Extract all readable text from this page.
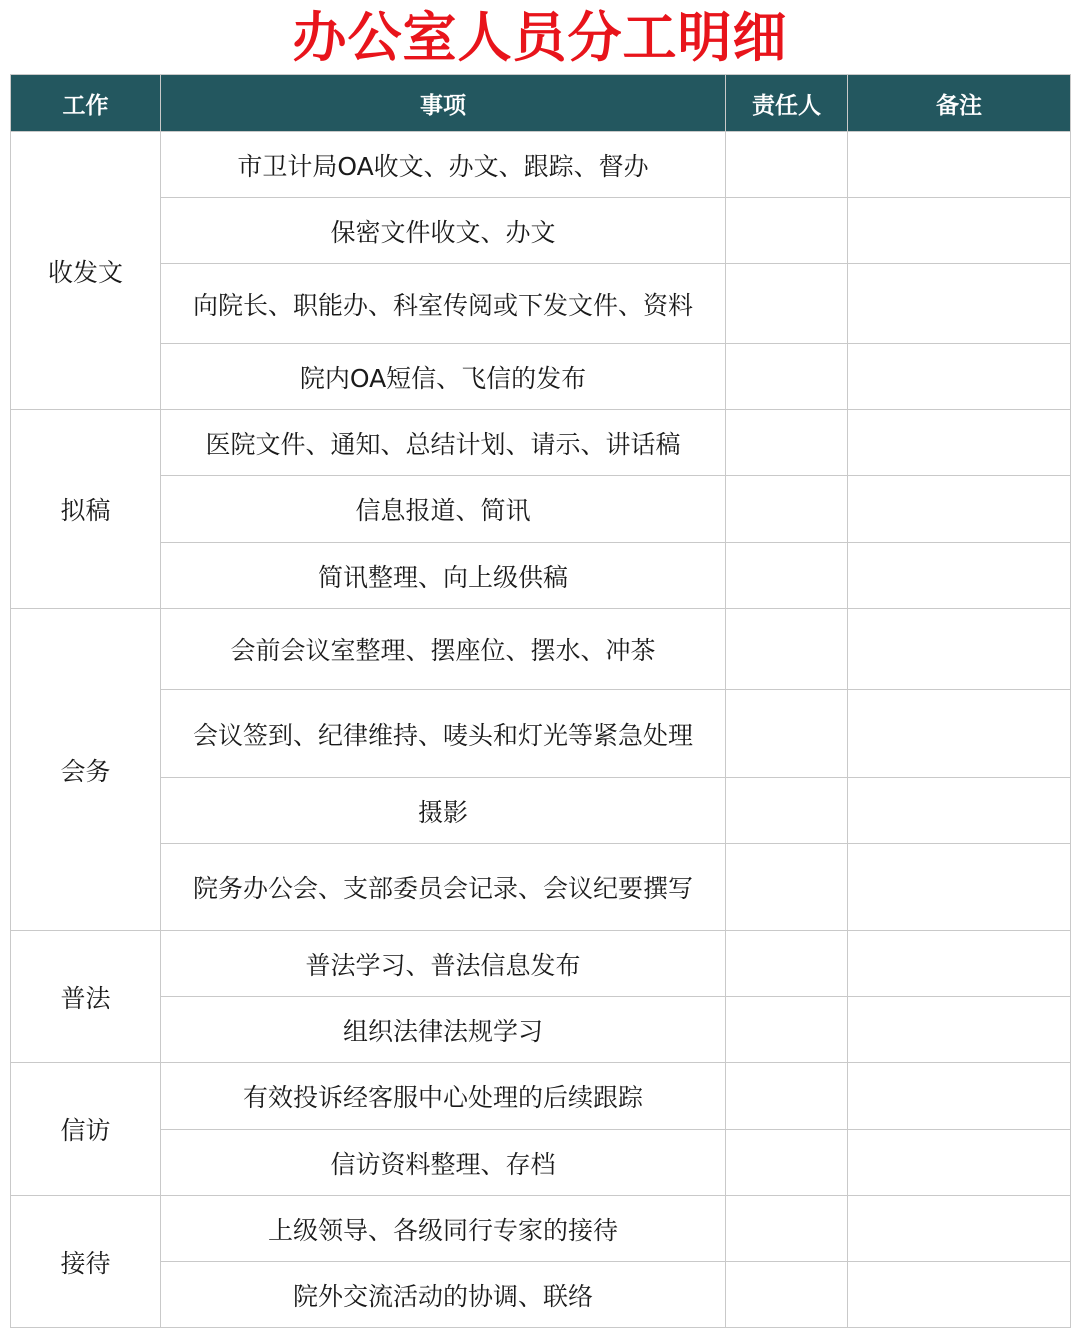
办公室人员分工明细
工作	事项	责任人	备注
收发文	市卫计局OA收文、办文、跟踪、督办		
	保密文件收文、办文		
	向院长、职能办、科室传阅或下发文件、资料		
	院内OA短信、飞信的发布		
拟稿	医院文件、通知、总结计划、请示、讲话稿		
	信息报道、简讯		
	简讯整理、向上级供稿		
会务	会前会议室整理、摆座位、摆水、冲茶		
	会议签到、纪律维持、唛头和灯光等紧急处理		
	摄影		
	院务办公会、支部委员会记录、会议纪要撰写		
普法	普法学习、普法信息发布		
	组织法律法规学习		
信访	有效投诉经客服中心处理的后续跟踪		
	信访资料整理、存档		
接待	上级领导、各级同行专家的接待		
	院外交流活动的协调、联络		
